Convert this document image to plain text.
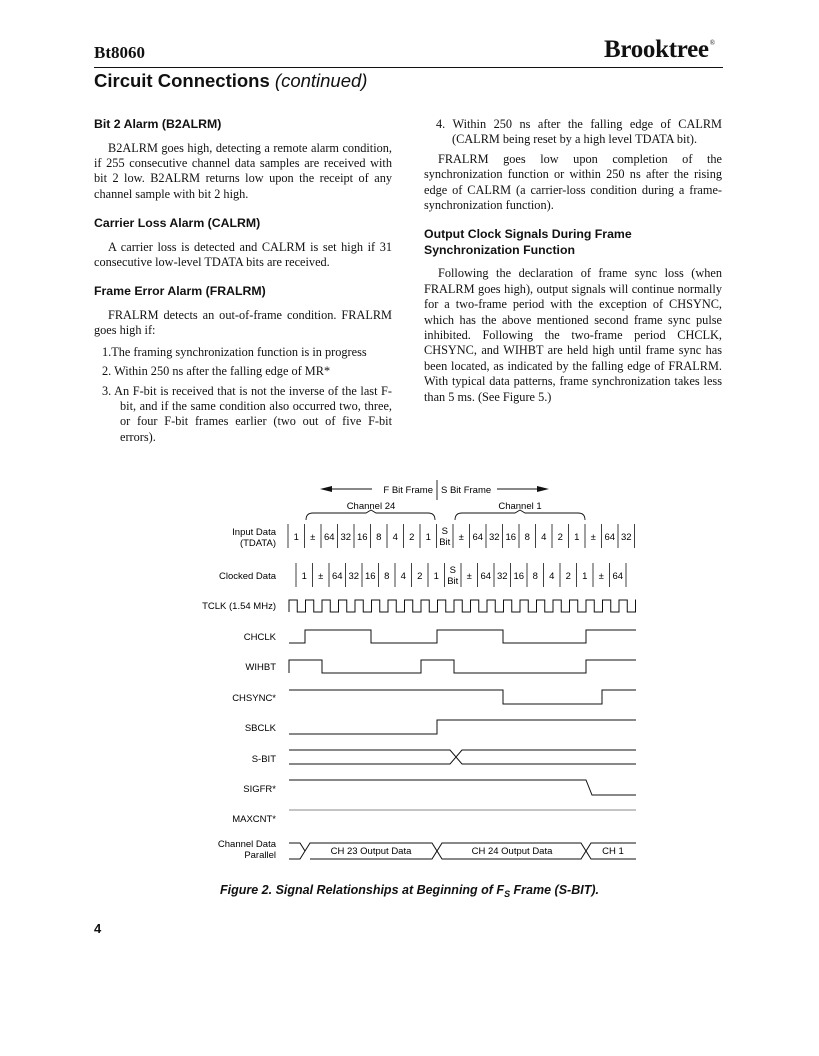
Bt8060	Brooktree®
Circuit Connections (continued)
Bit 2 Alarm (B2ALRM)

B2ALRM goes high, detecting a remote alarm condition, if 255 consecutive channel data samples are received with bit 2 low. B2ALRM returns low upon the receipt of any channel sample with bit 2 high.

Carrier Loss Alarm (CALRM)

A carrier loss is detected and CALRM is set high if 31 consecutive low-level TDATA bits are received.

Frame Error Alarm (FRALRM)

FRALRM detects an out-of-frame condition. FRALRM goes high if:

1.The framing synchronization function is in progress
2. Within 250 ns after the falling edge of MR*
3. An F-bit is received that is not the inverse of the last F-bit, and if the same condition also occurred two, three, or four F-bit frames earlier (two out of five F-bit errors).
4. Within 250 ns after the falling edge of CALRM (CALRM being reset by a high level TDATA bit).

FRALRM goes low upon completion of the synchronization function or within 250 ns after the rising edge of CALRM (a carrier-loss condition during a frame-synchronization function).

Output Clock Signals During Frame Synchronization Function

Following the declaration of frame sync loss (when FRALRM goes high), output signals will continue normally for a two-frame period with the exception of CHSYNC, which has the above mentioned second frame sync pulse inhibited. Following the two-frame period CHCLK, CHSYNC, and WIHBT are held high until frame sync has been located, as indicated by the falling edge of FRALRM. With typical data patterns, frame synchronization takes less than 5 ms. (See Figure 5.)

F Bit Frame S Bit Frame
Channel 24	Channel 1
Input Data
(TDATA)
Clocked Data
TCLK (1.54 MHz)
CHCLK
WIHBT
CHSYNC*
SBCLK
S-BIT
SIGFR*
MAXCNT*
Channel Data
Parallel
1 ± 64 32 16 8 4 2 1
S
Bit ± 64 32 16 8 4 2 1 ± 64 32
1 ± 64 32 16 8 4 2 1
S
Bit ± 64 32 16 8 4 2 1 ± 64
CH 23 Output Data	CH 24 Output Data	CH 1
Figure 2. Signal Relationships at Beginning of $F_S$ Frame (S-BIT).
4
